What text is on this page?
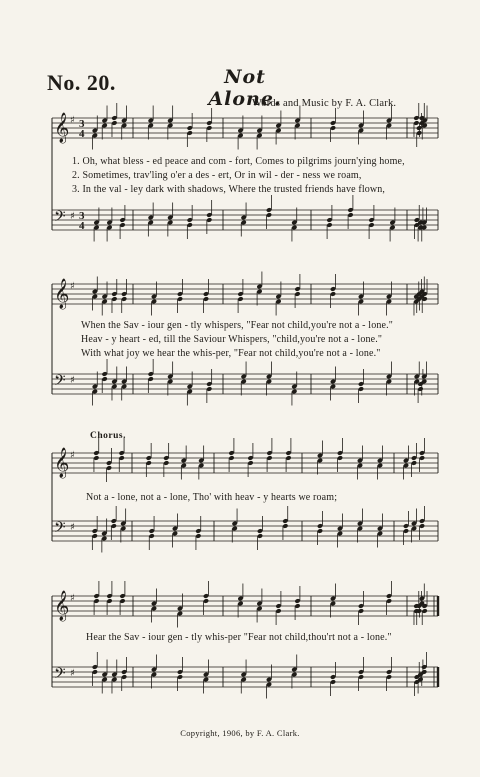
No. 20.	Not Alone.
Words and Music by F. A. Clark.
𝄞 ♯
𝄢 ♯
3
4
3
4
𝄞 ♯
𝄢 ♯
𝄞 ♯
𝄢 ♯
𝄞 ♯
𝄢 ♯
1. Oh, what bless - ed peace and com - fort, Comes to pilgrims journ'ying home,
2. Sometimes, trav'ling o'er a des - ert, Or in wil - der - ness we roam,
3. In the val - ley dark with shadows, Where the trusted friends have flown,
When the Sav - iour gen - tly whispers, "Fear not child,you're not a - lone."
Heav - y heart - ed, till the Saviour Whispers, "child,you're not a - lone."
With what joy we hear the whis-per, "Fear not child,you're not a - lone."
Chorus.
Not a - lone, not a - lone, Tho' with heav - y hearts we roam;
Hear the Sav - iour gen - tly whis-per "Fear not child,thou'rt not a - lone."
Copyright, 1906, by F. A. Clark.
